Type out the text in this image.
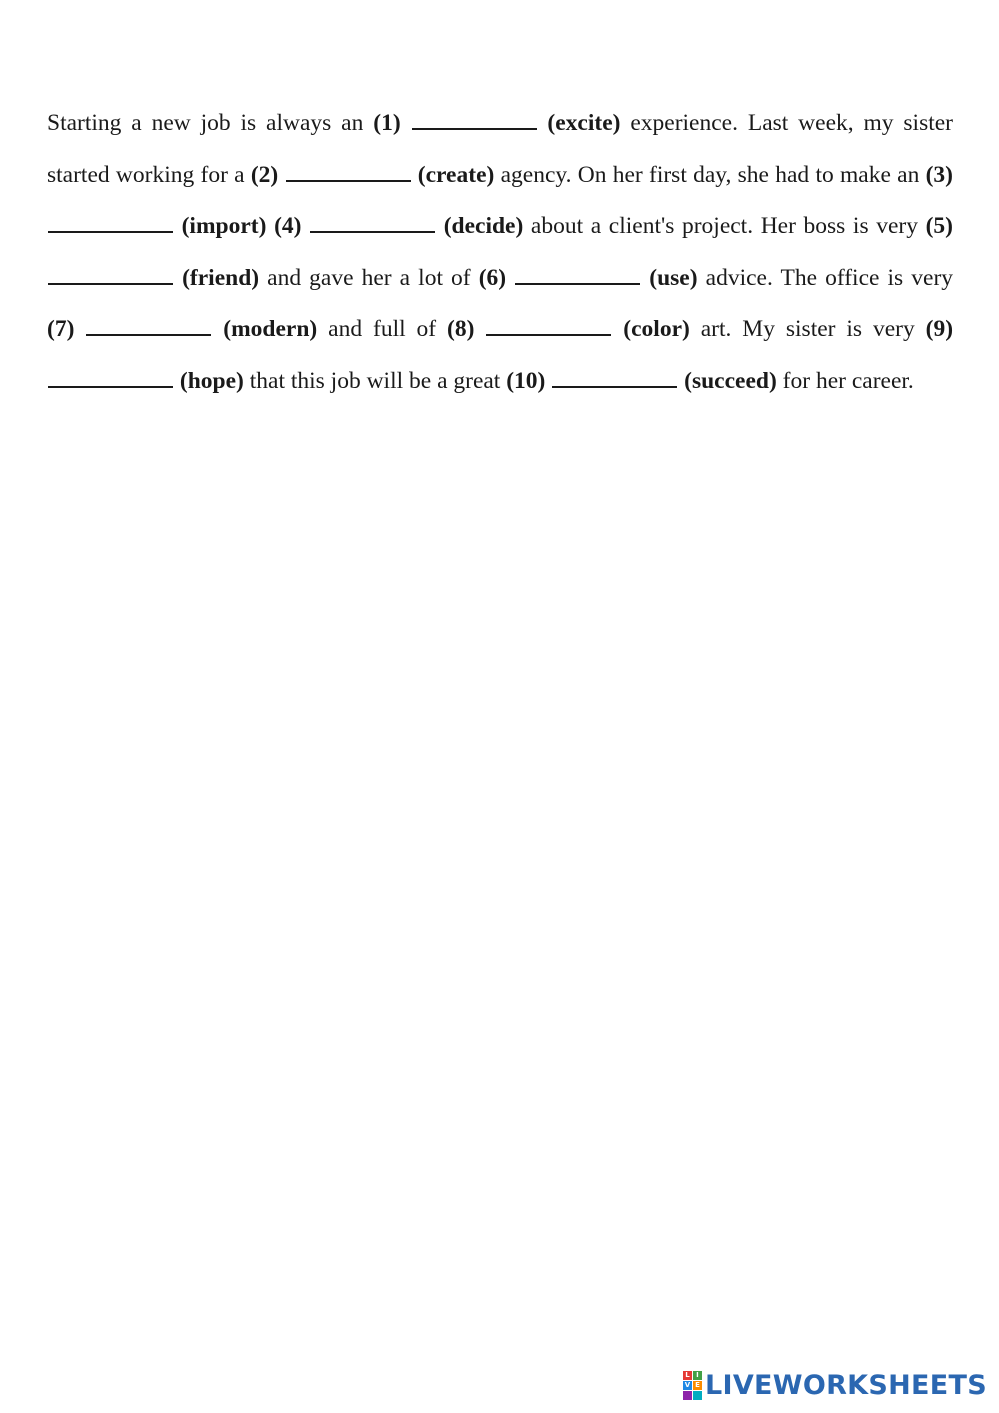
Starting a new job is always an (1)	(excite) experience. Last week, my sister started working for a (2)	(create) agency. On her first day, she had to make an (3)  (import) (4)	(decide) about a client's project. Her boss is very (5)  (friend) and gave her a lot of (6)	(use) advice. The office is very (7)	(modern) and full of (8)	(color) art. My sister is very (9)  (hope) that this job will be a great (10)	(succeed) for her career.

L I
V E LIVEWORKSHEETS
